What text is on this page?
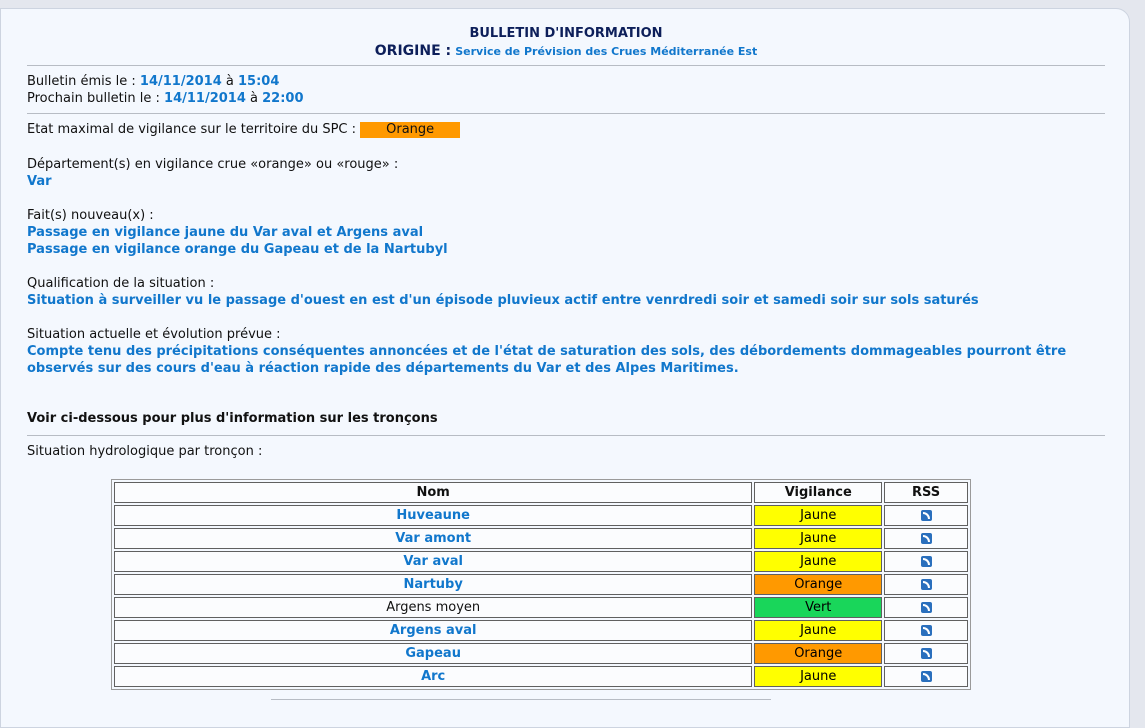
BULLETIN D'INFORMATION
ORIGINE : Service de Prévision des Crues Méditerranée Est
Bulletin émis le : 14/11/2014 à 15:04
Prochain bulletin le : 14/11/2014 à 22:00
Etat maximal de vigilance sur le territoire du SPC : Orange
Département(s) en vigilance crue «orange» ou «rouge» :
Var
Fait(s) nouveau(x) :
Passage en vigilance jaune du Var aval et Argens aval
Passage en vigilance orange du Gapeau et de la Nartubyl
Qualification de la situation :
Situation à surveiller vu le passage d'ouest en est d'un épisode pluvieux actif entre venrdredi soir et samedi soir sur sols saturés
Situation actuelle et évolution prévue :
Compte tenu des précipitations conséquentes annoncées et de l'état de saturation des sols, des débordements dommageables pourront être observés sur des cours d'eau à réaction rapide des départements du Var et des Alpes Maritimes.
Voir ci-dessous pour plus d'information sur les tronçons
Situation hydrologique par tronçon :
Nom	Vigilance	RSS
Huveaune	Jaune	
Var amont	Jaune	
Var aval	Jaune	
Nartuby	Orange	
Argens moyen	Vert	
Argens aval	Jaune	
Gapeau	Orange	
Arc	Jaune	
